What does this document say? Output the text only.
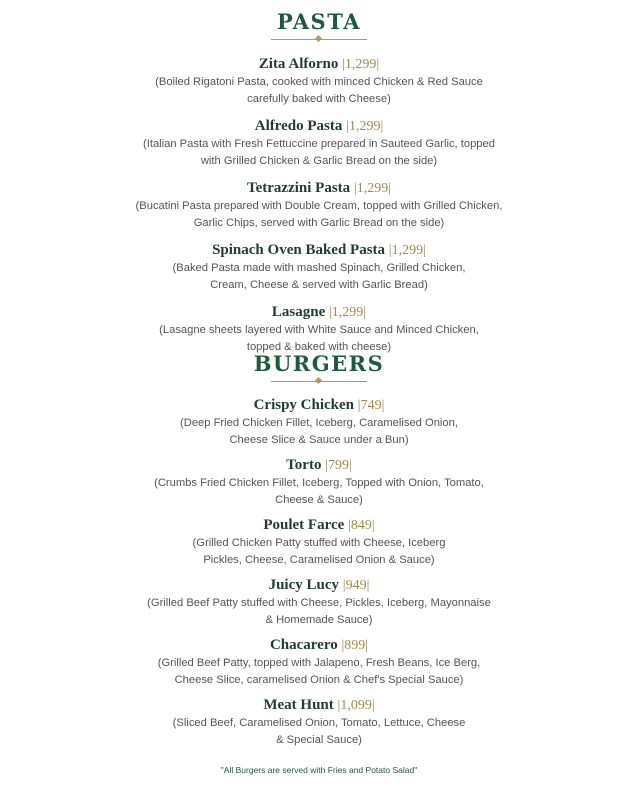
PASTA
Zita Alforno |1,299|
(Boiled Rigatoni Pasta, cooked with minced Chicken & Red Sauce
carefully baked with Cheese)
Alfredo Pasta |1,299|
(Italian Pasta with Fresh Fettuccine prepared in Sauteed Garlic, topped
with Grilled Chicken & Garlic Bread on the side)
Tetrazzini Pasta |1,299|
(Bucatini Pasta prepared with Double Cream, topped with Grilled Chicken,
Garlic Chips, served with Garlic Bread on the side)
Spinach Oven Baked Pasta |1,299|
(Baked Pasta made with mashed Spinach, Grilled Chicken,
Cream, Cheese & served with Garlic Bread)
Lasagne |1,299|
(Lasagne sheets layered with White Sauce and Minced Chicken,
topped & baked with cheese)
BURGERS
Crispy Chicken |749|
(Deep Fried Chicken Fillet, Iceberg, Caramelised Onion,
Cheese Slice & Sauce under a Bun)
Torto |799|
(Crumbs Fried Chicken Fillet, Iceberg, Topped with Onion, Tomato,
Cheese & Sauce)
Poulet Farce |849|
(Grilled Chicken Patty stuffed with Cheese, Iceberg
Pickles, Cheese, Caramelised Onion & Sauce)
Juicy Lucy |949|
(Grilled Beef Patty stuffed with Cheese, Pickles, Iceberg, Mayonnaise
& Homemade Sauce)
Chacarero |899|
(Grilled Beef Patty, topped with Jalapeno, Fresh Beans, Ice Berg,
Cheese Slice, caramelised Onion & Chef's Special Sauce)
Meat Hunt |1,099|
(Sliced Beef, Caramelised Onion, Tomato, Lettuce, Cheese
& Special Sauce)
"All Burgers are served with Fries and Potato Salad"
